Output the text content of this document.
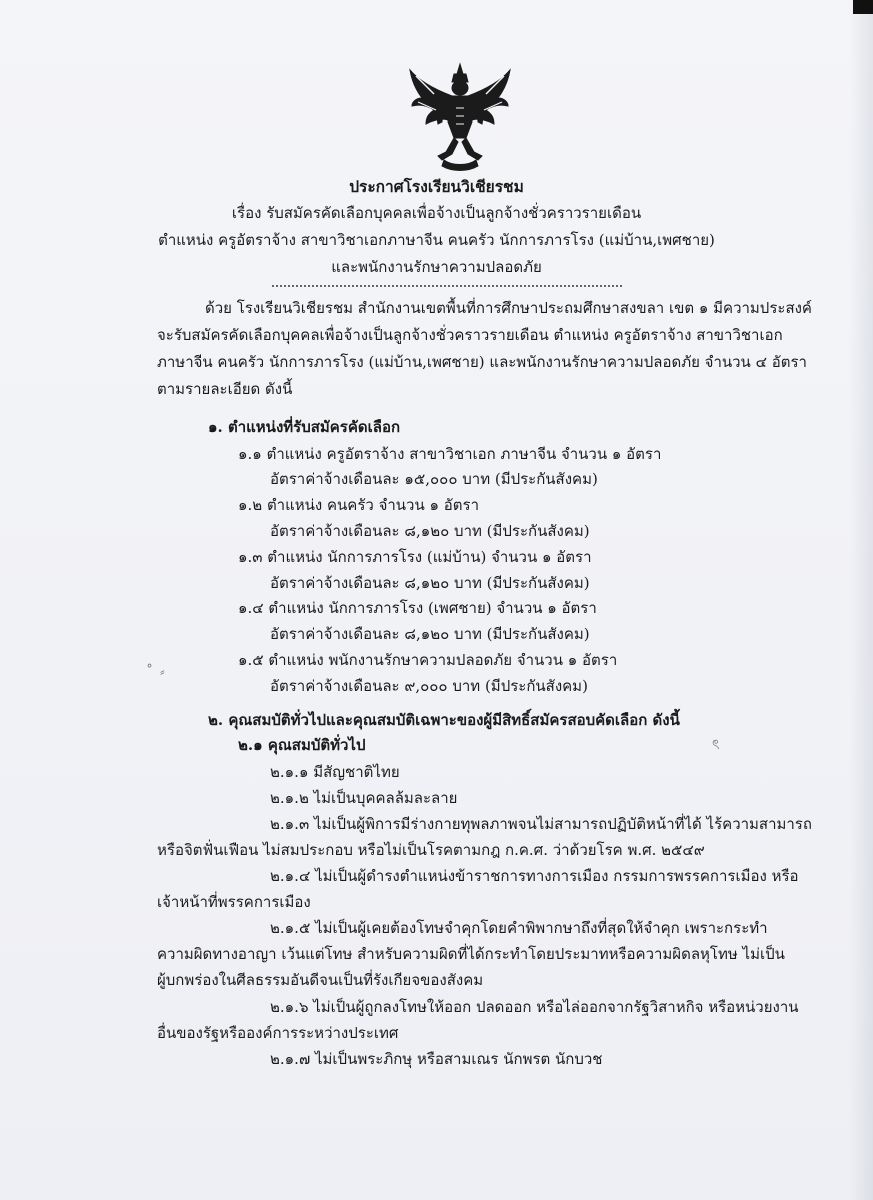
ประกาศโรงเรียนวิเชียรชม
เรื่อง รับสมัครคัดเลือกบุคคลเพื่อจ้างเป็นลูกจ้างชั่วคราวรายเดือน
ตำแหน่ง ครูอัตราจ้าง สาขาวิชาเอกภาษาจีน คนครัว นักการภารโรง (แม่บ้าน,เพศชาย)
และพนักงานรักษาความปลอดภัย
ด้วย โรงเรียนวิเชียรชม สำนักงานเขตพื้นที่การศึกษาประถมศึกษาสงขลา เขต ๑ มีความประสงค์
จะรับสมัครคัดเลือกบุคคลเพื่อจ้างเป็นลูกจ้างชั่วคราวรายเดือน ตำแหน่ง ครูอัตราจ้าง สาขาวิชาเอก
ภาษาจีน คนครัว นักการภารโรง (แม่บ้าน,เพศชาย) และพนักงานรักษาความปลอดภัย จำนวน ๔ อัตรา
ตามรายละเอียด ดังนี้
๑. ตำแหน่งที่รับสมัครคัดเลือก
๑.๑ ตำแหน่ง ครูอัตราจ้าง สาขาวิชาเอก ภาษาจีน จำนวน ๑ อัตรา
อัตราค่าจ้างเดือนละ ๑๕,๐๐๐ บาท (มีประกันสังคม)
๑.๒ ตำแหน่ง คนครัว จำนวน ๑ อัตรา
อัตราค่าจ้างเดือนละ ๘,๑๒๐ บาท (มีประกันสังคม)
๑.๓ ตำแหน่ง นักการภารโรง (แม่บ้าน) จำนวน ๑ อัตรา
อัตราค่าจ้างเดือนละ ๘,๑๒๐ บาท (มีประกันสังคม)
๑.๔ ตำแหน่ง นักการภารโรง (เพศชาย) จำนวน ๑ อัตรา
อัตราค่าจ้างเดือนละ ๘,๑๒๐ บาท (มีประกันสังคม)
๑.๕ ตำแหน่ง พนักงานรักษาความปลอดภัย จำนวน ๑ อัตรา
อัตราค่าจ้างเดือนละ ๙,๐๐๐ บาท (มีประกันสังคม)
˚ ⸗
ৎ
๒. คุณสมบัติทั่วไปและคุณสมบัติเฉพาะของผู้มีสิทธิ์สมัครสอบคัดเลือก ดังนี้
๒.๑ คุณสมบัติทั่วไป
๒.๑.๑ มีสัญชาติไทย
๒.๑.๒ ไม่เป็นบุคคลล้มละลาย
๒.๑.๓ ไม่เป็นผู้พิการมีร่างกายทุพลภาพจนไม่สามารถปฏิบัติหน้าที่ได้ ไร้ความสามารถ
หรือจิตฟั่นเฟือน ไม่สมประกอบ หรือไม่เป็นโรคตามกฎ ก.ค.ศ. ว่าด้วยโรค พ.ศ. ๒๕๔๙
๒.๑.๔ ไม่เป็นผู้ดำรงตำแหน่งข้าราชการทางการเมือง กรรมการพรรคการเมือง หรือ
เจ้าหน้าที่พรรคการเมือง
๒.๑.๕ ไม่เป็นผู้เคยต้องโทษจำคุกโดยคำพิพากษาถึงที่สุดให้จำคุก เพราะกระทำ
ความผิดทางอาญา เว้นแต่โทษ สำหรับความผิดที่ได้กระทำโดยประมาทหรือความผิดลหุโทษ ไม่เป็น
ผู้บกพร่องในศีลธรรมอันดีจนเป็นที่รังเกียจของสังคม
๒.๑.๖ ไม่เป็นผู้ถูกลงโทษให้ออก ปลดออก หรือไล่ออกจากรัฐวิสาหกิจ หรือหน่วยงาน
อื่นของรัฐหรือองค์การระหว่างประเทศ
๒.๑.๗ ไม่เป็นพระภิกษุ หรือสามเณร นักพรต นักบวช
